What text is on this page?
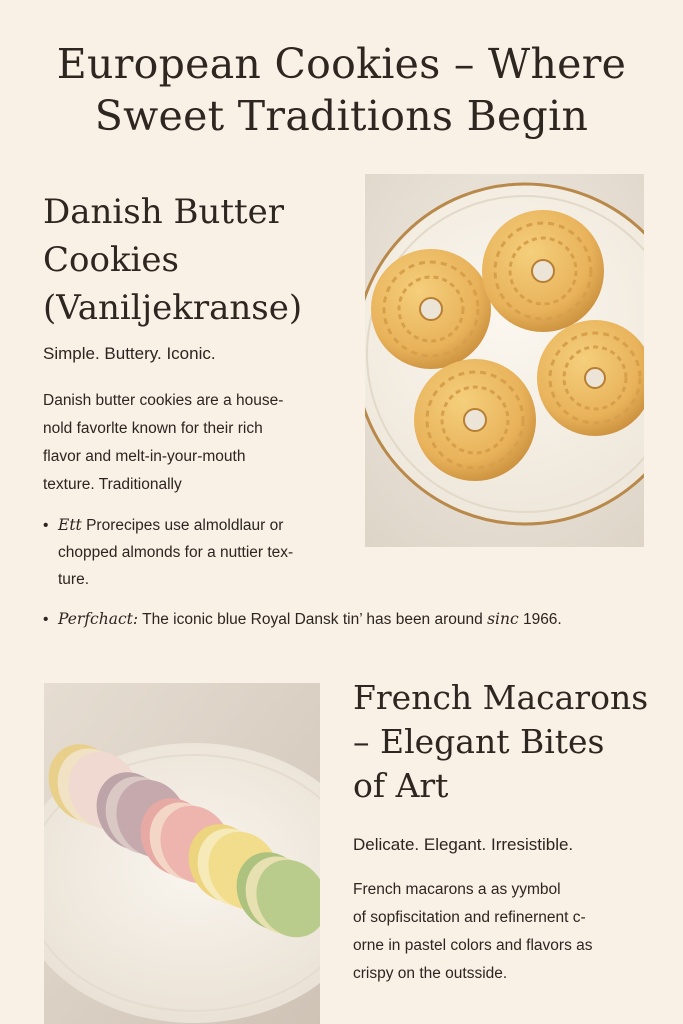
European Cookies – Where
Sweet Traditions Begin
Danish Butter
Cookies
(Vaniljekranse)
Simple. Buttery. Iconic.

Danish butter cookies are a house-
nold favorlte known for their rich
flavor and melt-in-your-mouth
texture. Traditionally

• Ett Prorecipes use almoldlaur or
chopped almonds for a nuttier tex-
ture.
• Perfchact: The iconic blue Royal Dansk tin’ has been around sinc 1966.
French Macarons
– Elegant Bites
of Art
Delicate. Elegant. Irresistible.

French macarons a as yymbol
of sopfiscitation and refinernent c-
orne in pastel colors and flavors as
crispy on the outsside.
